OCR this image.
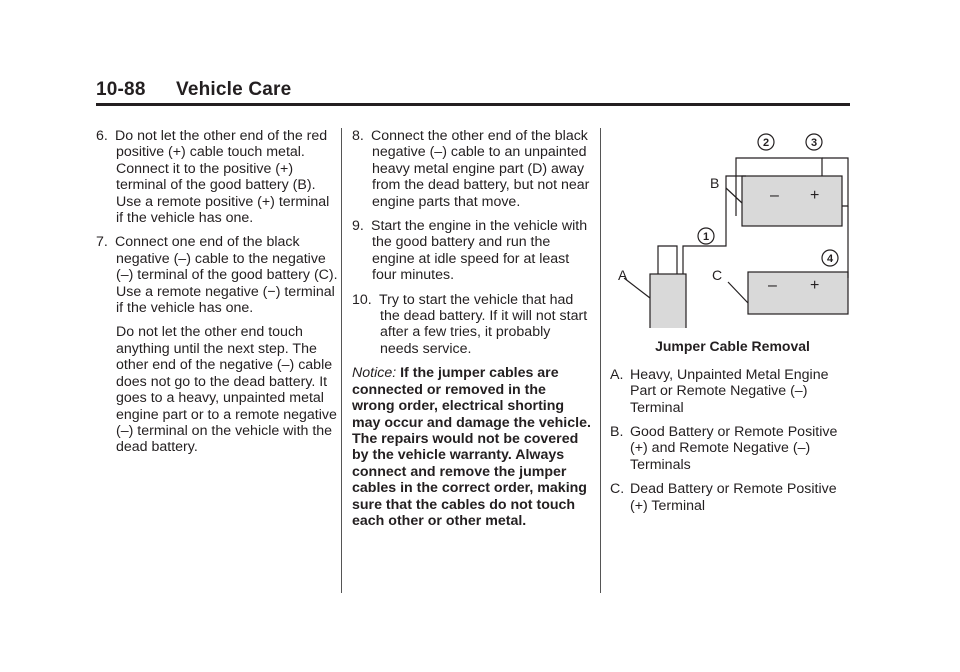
10-88 Vehicle Care
6. Do not let the other end of the red positive (+) cable touch metal. Connect it to the positive (+) terminal of the good battery (B). Use a remote positive (+) terminal if the vehicle has one.
7. Connect one end of the black negative (–) cable to the negative (–) terminal of the good battery (C). Use a remote negative (−) terminal if the vehicle has one.
Do not let the other end touch anything until the next step. The other end of the negative (–) cable does not go to the dead battery. It goes to a heavy, unpainted metal engine part or to a remote negative (–) terminal on the vehicle with the dead battery.
8. Connect the other end of the black negative (–) cable to an unpainted heavy metal engine part (D) away from the dead battery, but not near engine parts that move.
9. Start the engine in the vehicle with the good battery and run the engine at idle speed for at least four minutes.
10. Try to start the vehicle that had the dead battery. If it will not start after a few tries, it probably needs service.
Notice: If the jumper cables are connected or removed in the wrong order, electrical shorting may occur and damage the vehicle. The repairs would not be covered by the vehicle warranty. Always connect and remove the jumper cables in the correct order, making sure that the cables do not touch each other or other metal.
A
B
C
– +
– +
1
2	3
4
Jumper Cable Removal
A. Heavy, Unpainted Metal Engine Part or Remote Negative (–) Terminal
B. Good Battery or Remote Positive (+) and Remote Negative (–) Terminals
C. Dead Battery or Remote Positive (+) Terminal
